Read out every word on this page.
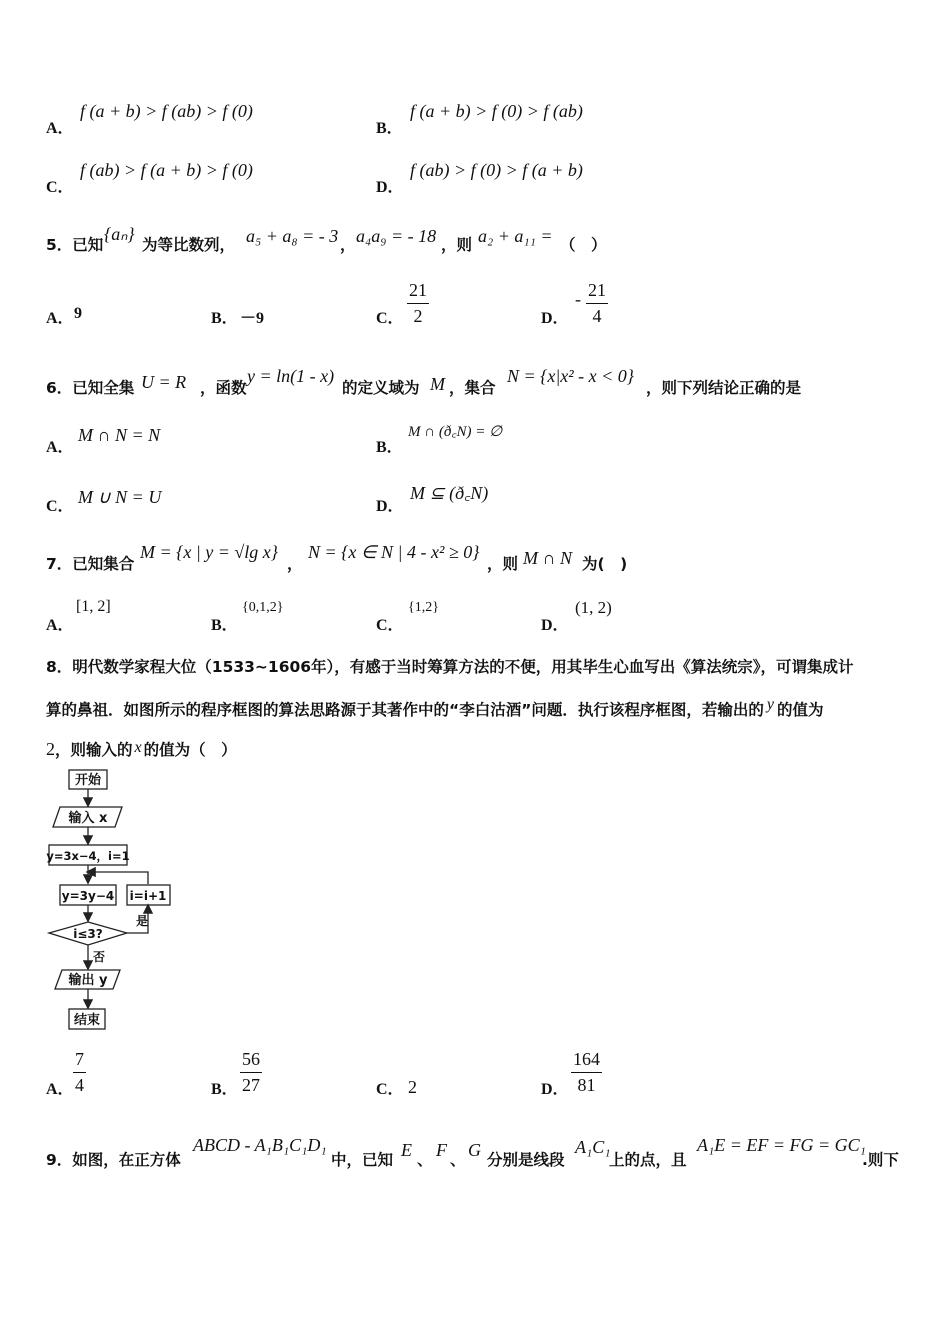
A．
f (a + b) > f (ab) > f (0)
B．
f (a + b) > f (0) > f (ab)
C．
f (ab) > f (a + b) > f (0)
D．
f (ab) > f (0) > f (a + b)
5．已知
{aₙ}
为等比数列， a₅ + a₈ = - 3 ， a₄a₉ = - 18 ，则 a₂ + a₁₁ = （　）
A． 9	B． －9	C．
21
2	D．
- 21
4
6．已知全集 U = R ，函数
y = ln(1 - x)
的定义域为 M ，集合
N = {x|x² - x < 0}
，则下列结论正确的是
A．
M ∩ N = N
B．
M ∩ (ð꜀N) = ∅
C． M ∪ N = U	D．
M ⊆ (ð꜀N)
7．已知集合
M = {x | y = √lg x}
，
N = {x ∈ N | 4 - x² ≥ 0}
，则 M ∩ N 为(　)
A．
[1, 2]
B．
{0,1,2}
C．
{1,2}
D．
(1, 2)
8．明代数学家程大位（1533~1606年），有感于当时筹算方法的不便，用其毕生心血写出《算法统宗》，可谓集成计
算的鼻祖．如图所示的程序框图的算法思路源于其著作中的“李白沽酒”问题．执行该程序框图，若输出的 y 的值为
2，则输入的 x 的值为（　）
开始
输入 x
y=3x−4，i=1
y=3y−4 i=i+1
i≤3?
是
否
输出 y
结束
A．
7
4	B．
56
27	C． 2	D．
164
81
9．如图，在正方体
ABCD - A₁B₁C₁D₁
中，已知 E 、 F 、 G 分别是线段
A₁C₁
上的点，且
A₁E = EF = FG = GC₁
.则下
